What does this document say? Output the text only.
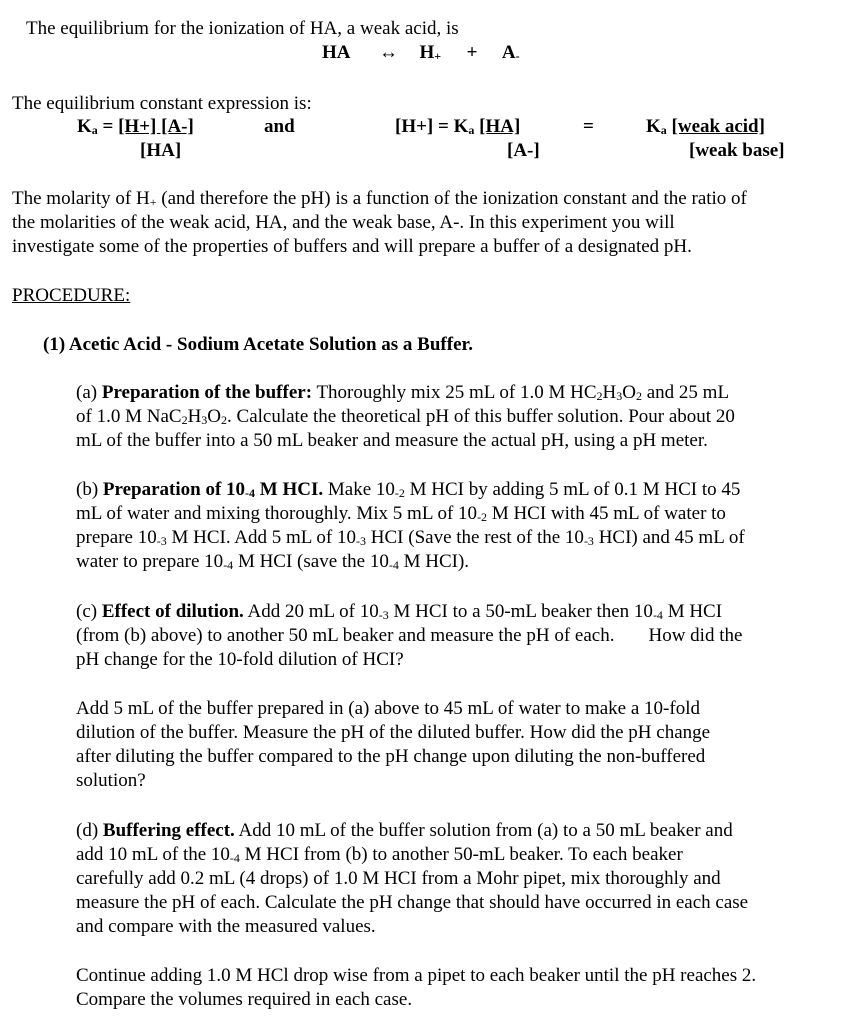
The equilibrium for the ionization of HA, a weak acid, is
HA ↔ $H_+ + A_-$
The equilibrium constant expression is:
$K_a = [H+]$ [A-]
[HA]
and	$[H+] = K_a$ [HA]
[A-]
=	$K_a$ [weak acid]
[weak base]
The molarity of $H_+$ (and therefore the pH) is a function of the ionization constant and the ratio of
the molarities of the weak acid, HA, and the weak base, A-. In this experiment you will
investigate some of the properties of buffers and will prepare a buffer of a designated pH.
PROCEDURE:
(1) Acetic Acid - Sodium Acetate Solution as a Buffer.
(a) Preparation of the buffer: Thoroughly mix 25 mL of 1.0 M $HC_2H_3O_2$ and 25 mL
of 1.0 M $NaC_2H_3O_2$. Calculate the theoretical pH of this buffer solution. Pour about 20
mL of the buffer into a 50 mL beaker and measure the actual pH, using a pH meter.
(b) Preparation of $10_{-4}$ M HCI. Make $10_{-2}$ M HCI by adding 5 mL of 0.1 M HCI to 45
mL of water and mixing thoroughly. Mix 5 mL of $10_{-2}$ M HCI with 45 mL of water to
prepare $10_{-3}$ M HCI. Add 5 mL of $10_{-3}$ HCI (Save the rest of the $10_{-3}$ HCI) and 45 mL of
water to prepare $10_{-4}$ M HCI (save the $10_{-4}$ M HCI).
(c) Effect of dilution. Add 20 mL of $10_{-3}$ M HCI to a 50-mL beaker then $10_{-4}$ M HCI
(from (b) above) to another 50 mL beaker and measure the pH of each. How did the
pH change for the 10-fold dilution of HCI?
Add 5 mL of the buffer prepared in (a) above to 45 mL of water to make a 10-fold
dilution of the buffer. Measure the pH of the diluted buffer. How did the pH change
after diluting the buffer compared to the pH change upon diluting the non-buffered
solution?
(d) Buffering effect. Add 10 mL of the buffer solution from (a) to a 50 mL beaker and
add 10 mL of the $10_{-4}$ M HCI from (b) to another 50-mL beaker. To each beaker
carefully add 0.2 mL (4 drops) of 1.0 M HCI from a Mohr pipet, mix thoroughly and
measure the pH of each. Calculate the pH change that should have occurred in each case
and compare with the measured values.
Continue adding 1.0 M HCl drop wise from a pipet to each beaker until the pH reaches 2.
Compare the volumes required in each case.
